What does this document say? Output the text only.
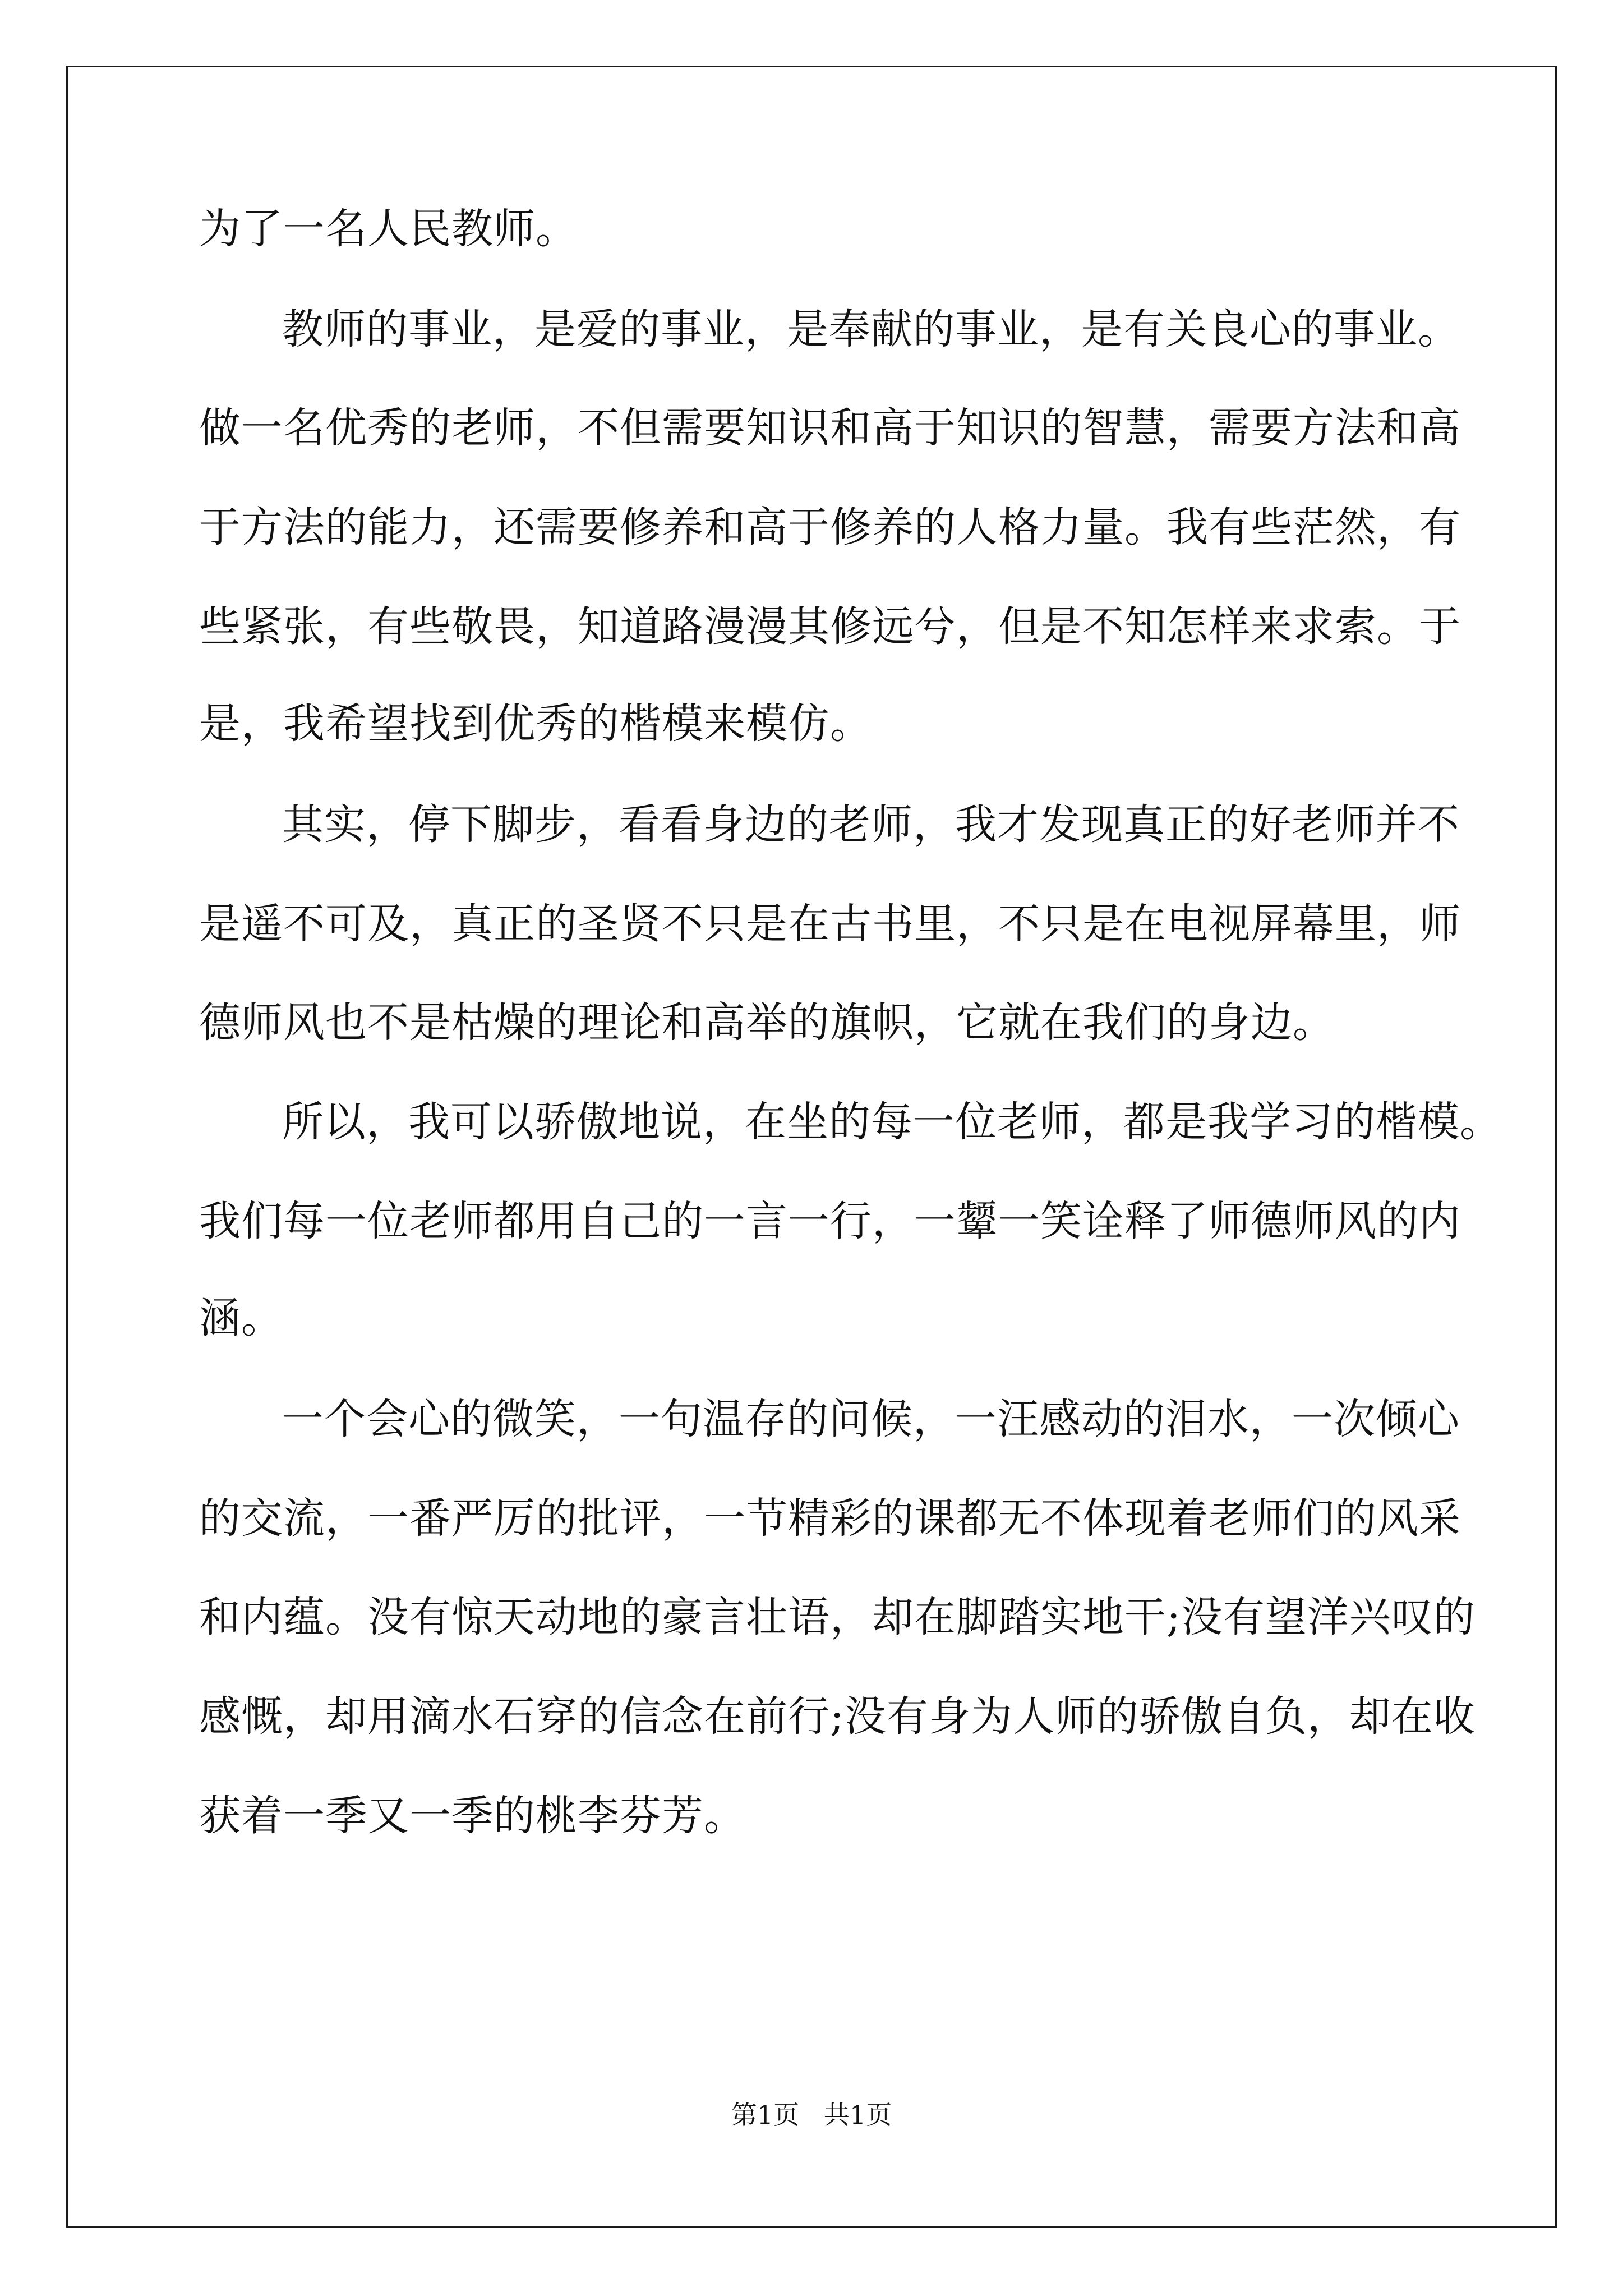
为了一名人民教师。
教师的事业，是爱的事业，是奉献的事业，是有关良心的事业。
做一名优秀的老师，不但需要知识和高于知识的智慧，需要方法和高
于方法的能力，还需要修养和高于修养的人格力量。我有些茫然，有
些紧张，有些敬畏，知道路漫漫其修远兮，但是不知怎样来求索。于
是，我希望找到优秀的楷模来模仿。
其实，停下脚步，看看身边的老师，我才发现真正的好老师并不
是遥不可及，真正的圣贤不只是在古书里，不只是在电视屏幕里，师
德师风也不是枯燥的理论和高举的旗帜，它就在我们的身边。
所以，我可以骄傲地说，在坐的每一位老师，都是我学习的楷模。
我们每一位老师都用自己的一言一行，一颦一笑诠释了师德师风的内
涵。
一个会心的微笑，一句温存的问候，一汪感动的泪水，一次倾心
的交流，一番严厉的批评，一节精彩的课都无不体现着老师们的风采
和内蕴。没有惊天动地的豪言壮语，却在脚踏实地干;没有望洋兴叹的
感慨，却用滴水石穿的信念在前行;没有身为人师的骄傲自负，却在收
获着一季又一季的桃李芬芳。
第1页   共1页
